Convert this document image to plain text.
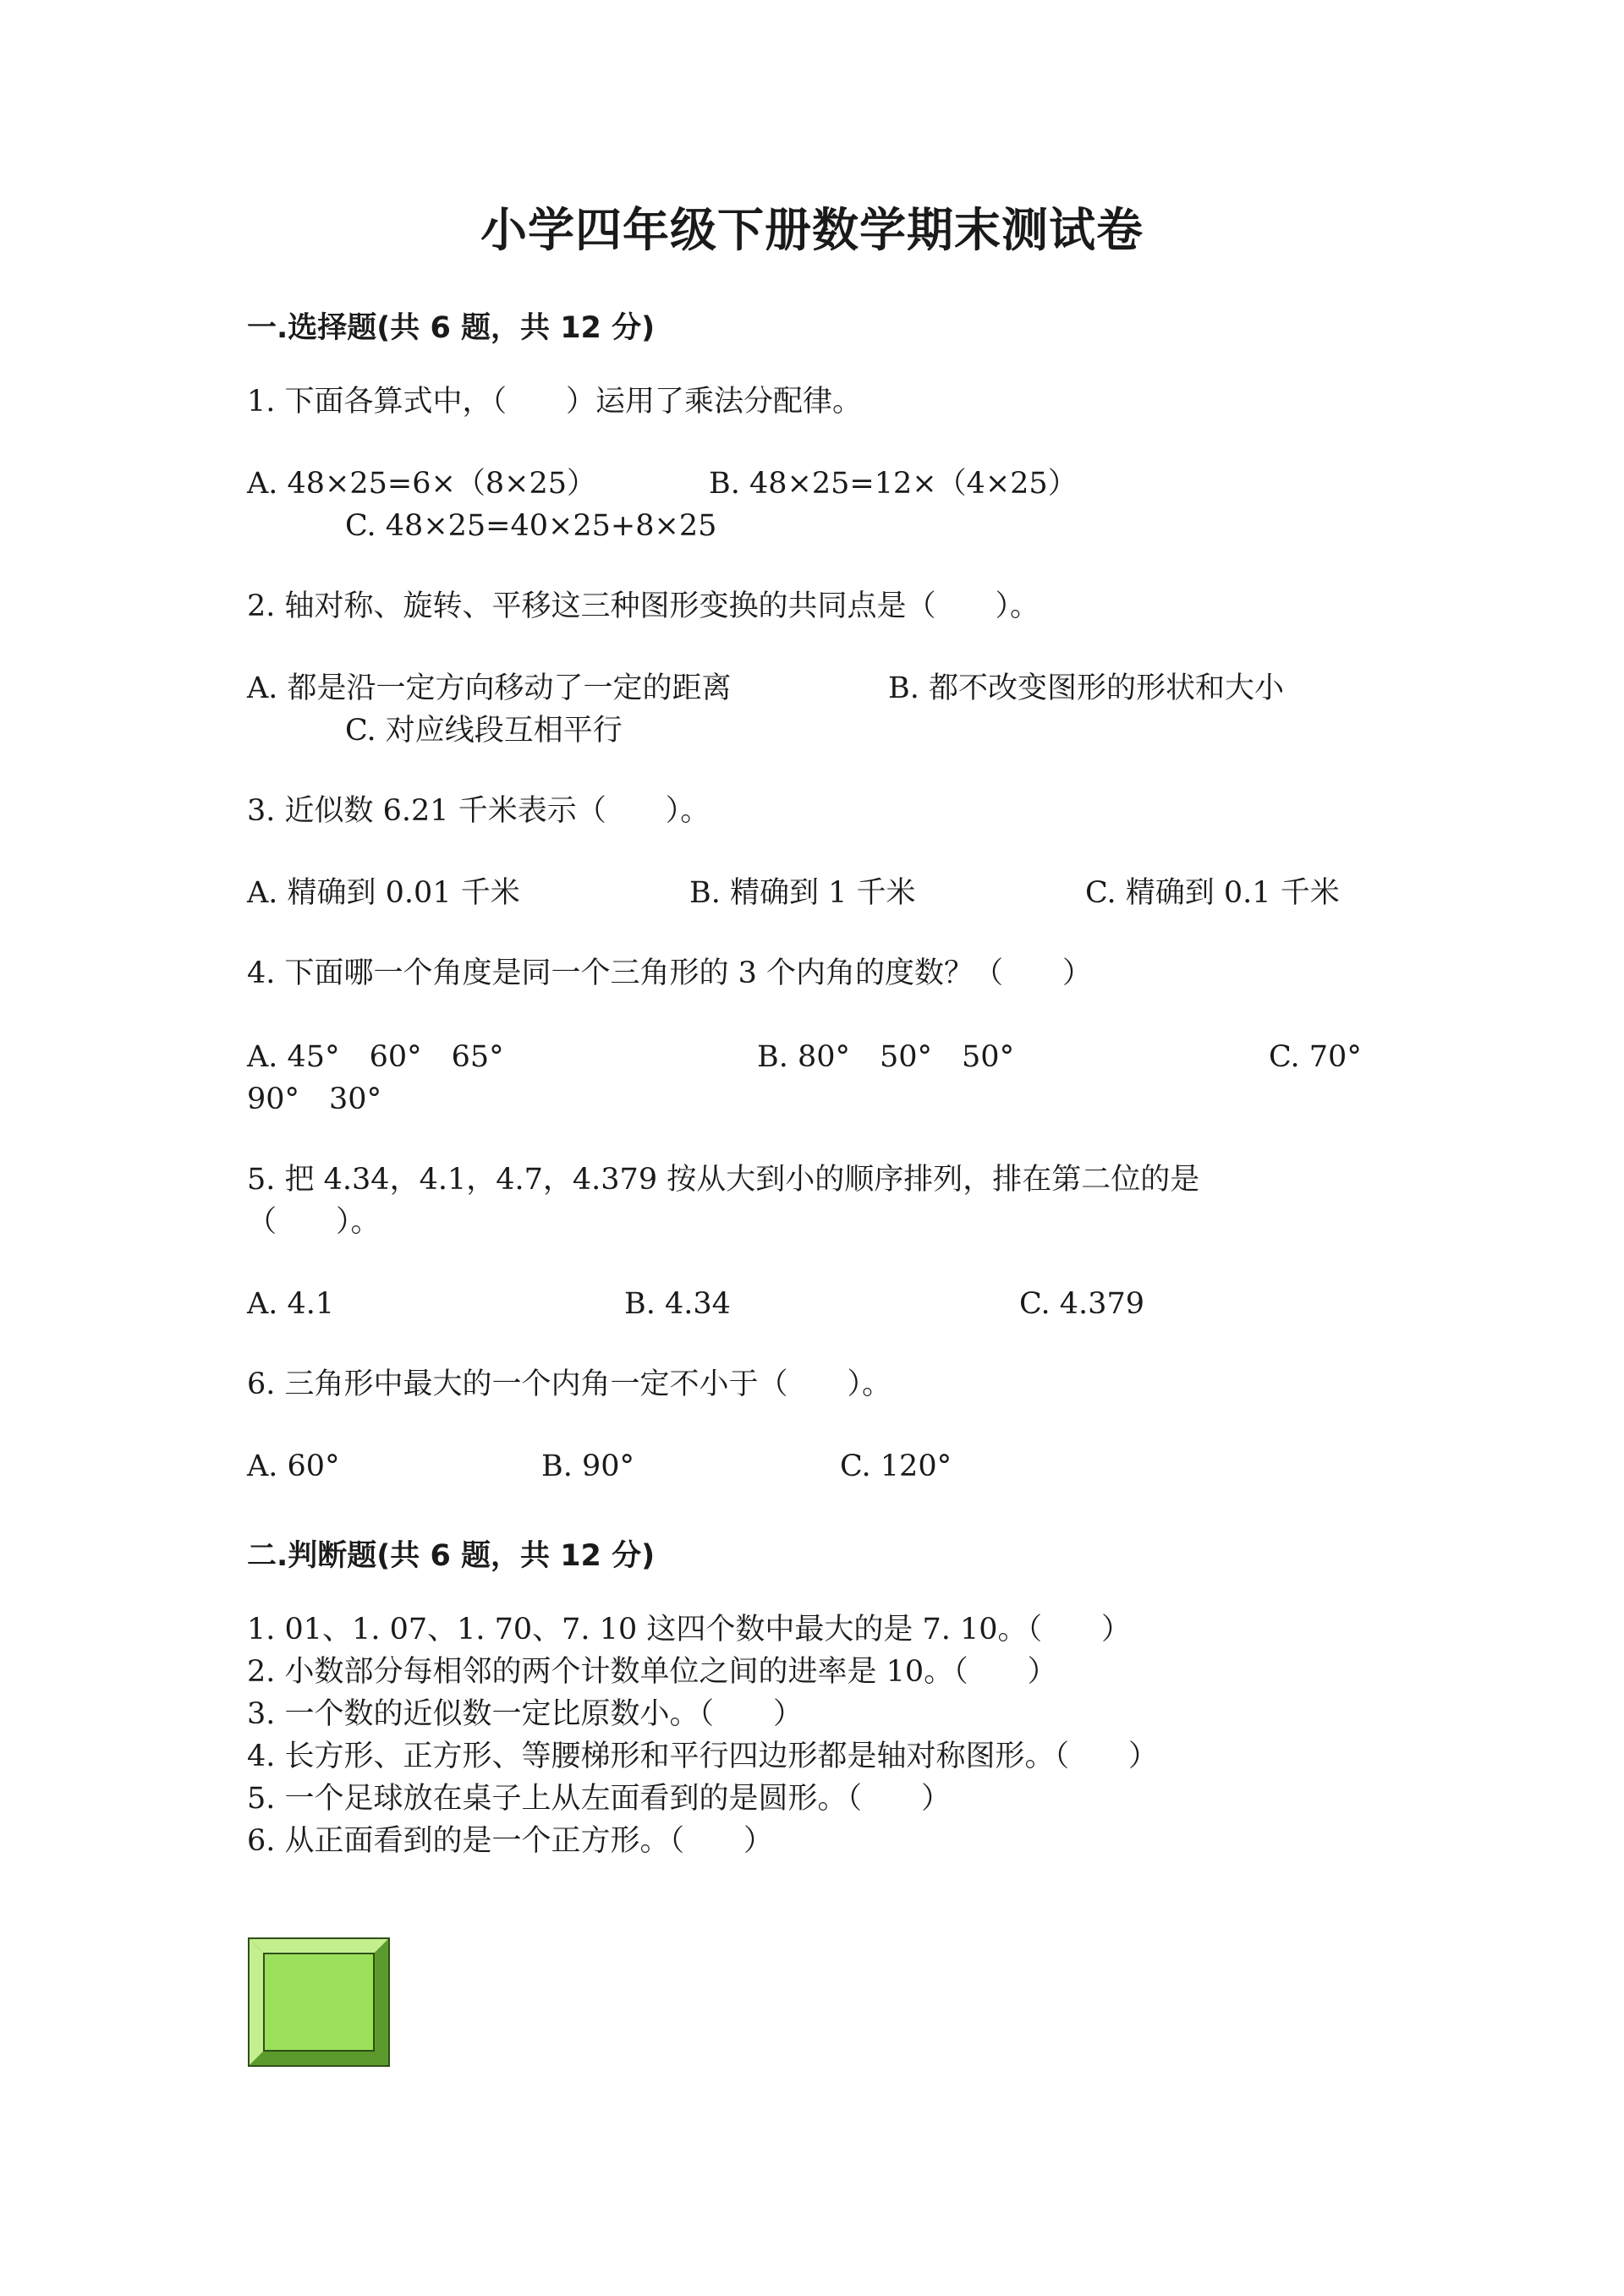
小学四年级下册数学期末测试卷
一.选择题(共 6 题，共 12 分)
1. 下面各算式中，（　　）运用了乘法分配律。
A. 48×25=6×（8×25）	B. 48×25=12×（4×25）
C. 48×25=40×25+8×25
2. 轴对称、旋转、平移这三种图形变换的共同点是（　　）。
A. 都是沿一定方向移动了一定的距离	B. 都不改变图形的形状和大小
C. 对应线段互相平行
3. 近似数 6.21 千米表示（　　）。
A. 精确到 0.01 千米	B. 精确到 1 千米	C. 精确到 0.1 千米
4. 下面哪一个角度是同一个三角形的 3 个内角的度数？（　　）
A. 45°　60°　65°	B. 80°　50°　50°	C. 70°
90°　30°
5. 把 4.34，4.1，4.7，4.379 按从大到小的顺序排列，排在第二位的是
（　　）。
A. 4.1	B. 4.34	C. 4.379
6. 三角形中最大的一个内角一定不小于（　　）。
A. 60°	B. 90°	C. 120°
二.判断题(共 6 题，共 12 分)
1. 01、1. 07、1. 70、7. 10 这四个数中最大的是 7. 10。（　　）
2. 小数部分每相邻的两个计数单位之间的进率是 10。（　　）
3. 一个数的近似数一定比原数小。（　　）
4. 长方形、正方形、等腰梯形和平行四边形都是轴对称图形。（　　）
5. 一个足球放在桌子上从左面看到的是圆形。（　　）
6. 从正面看到的是一个正方形。（　　）
